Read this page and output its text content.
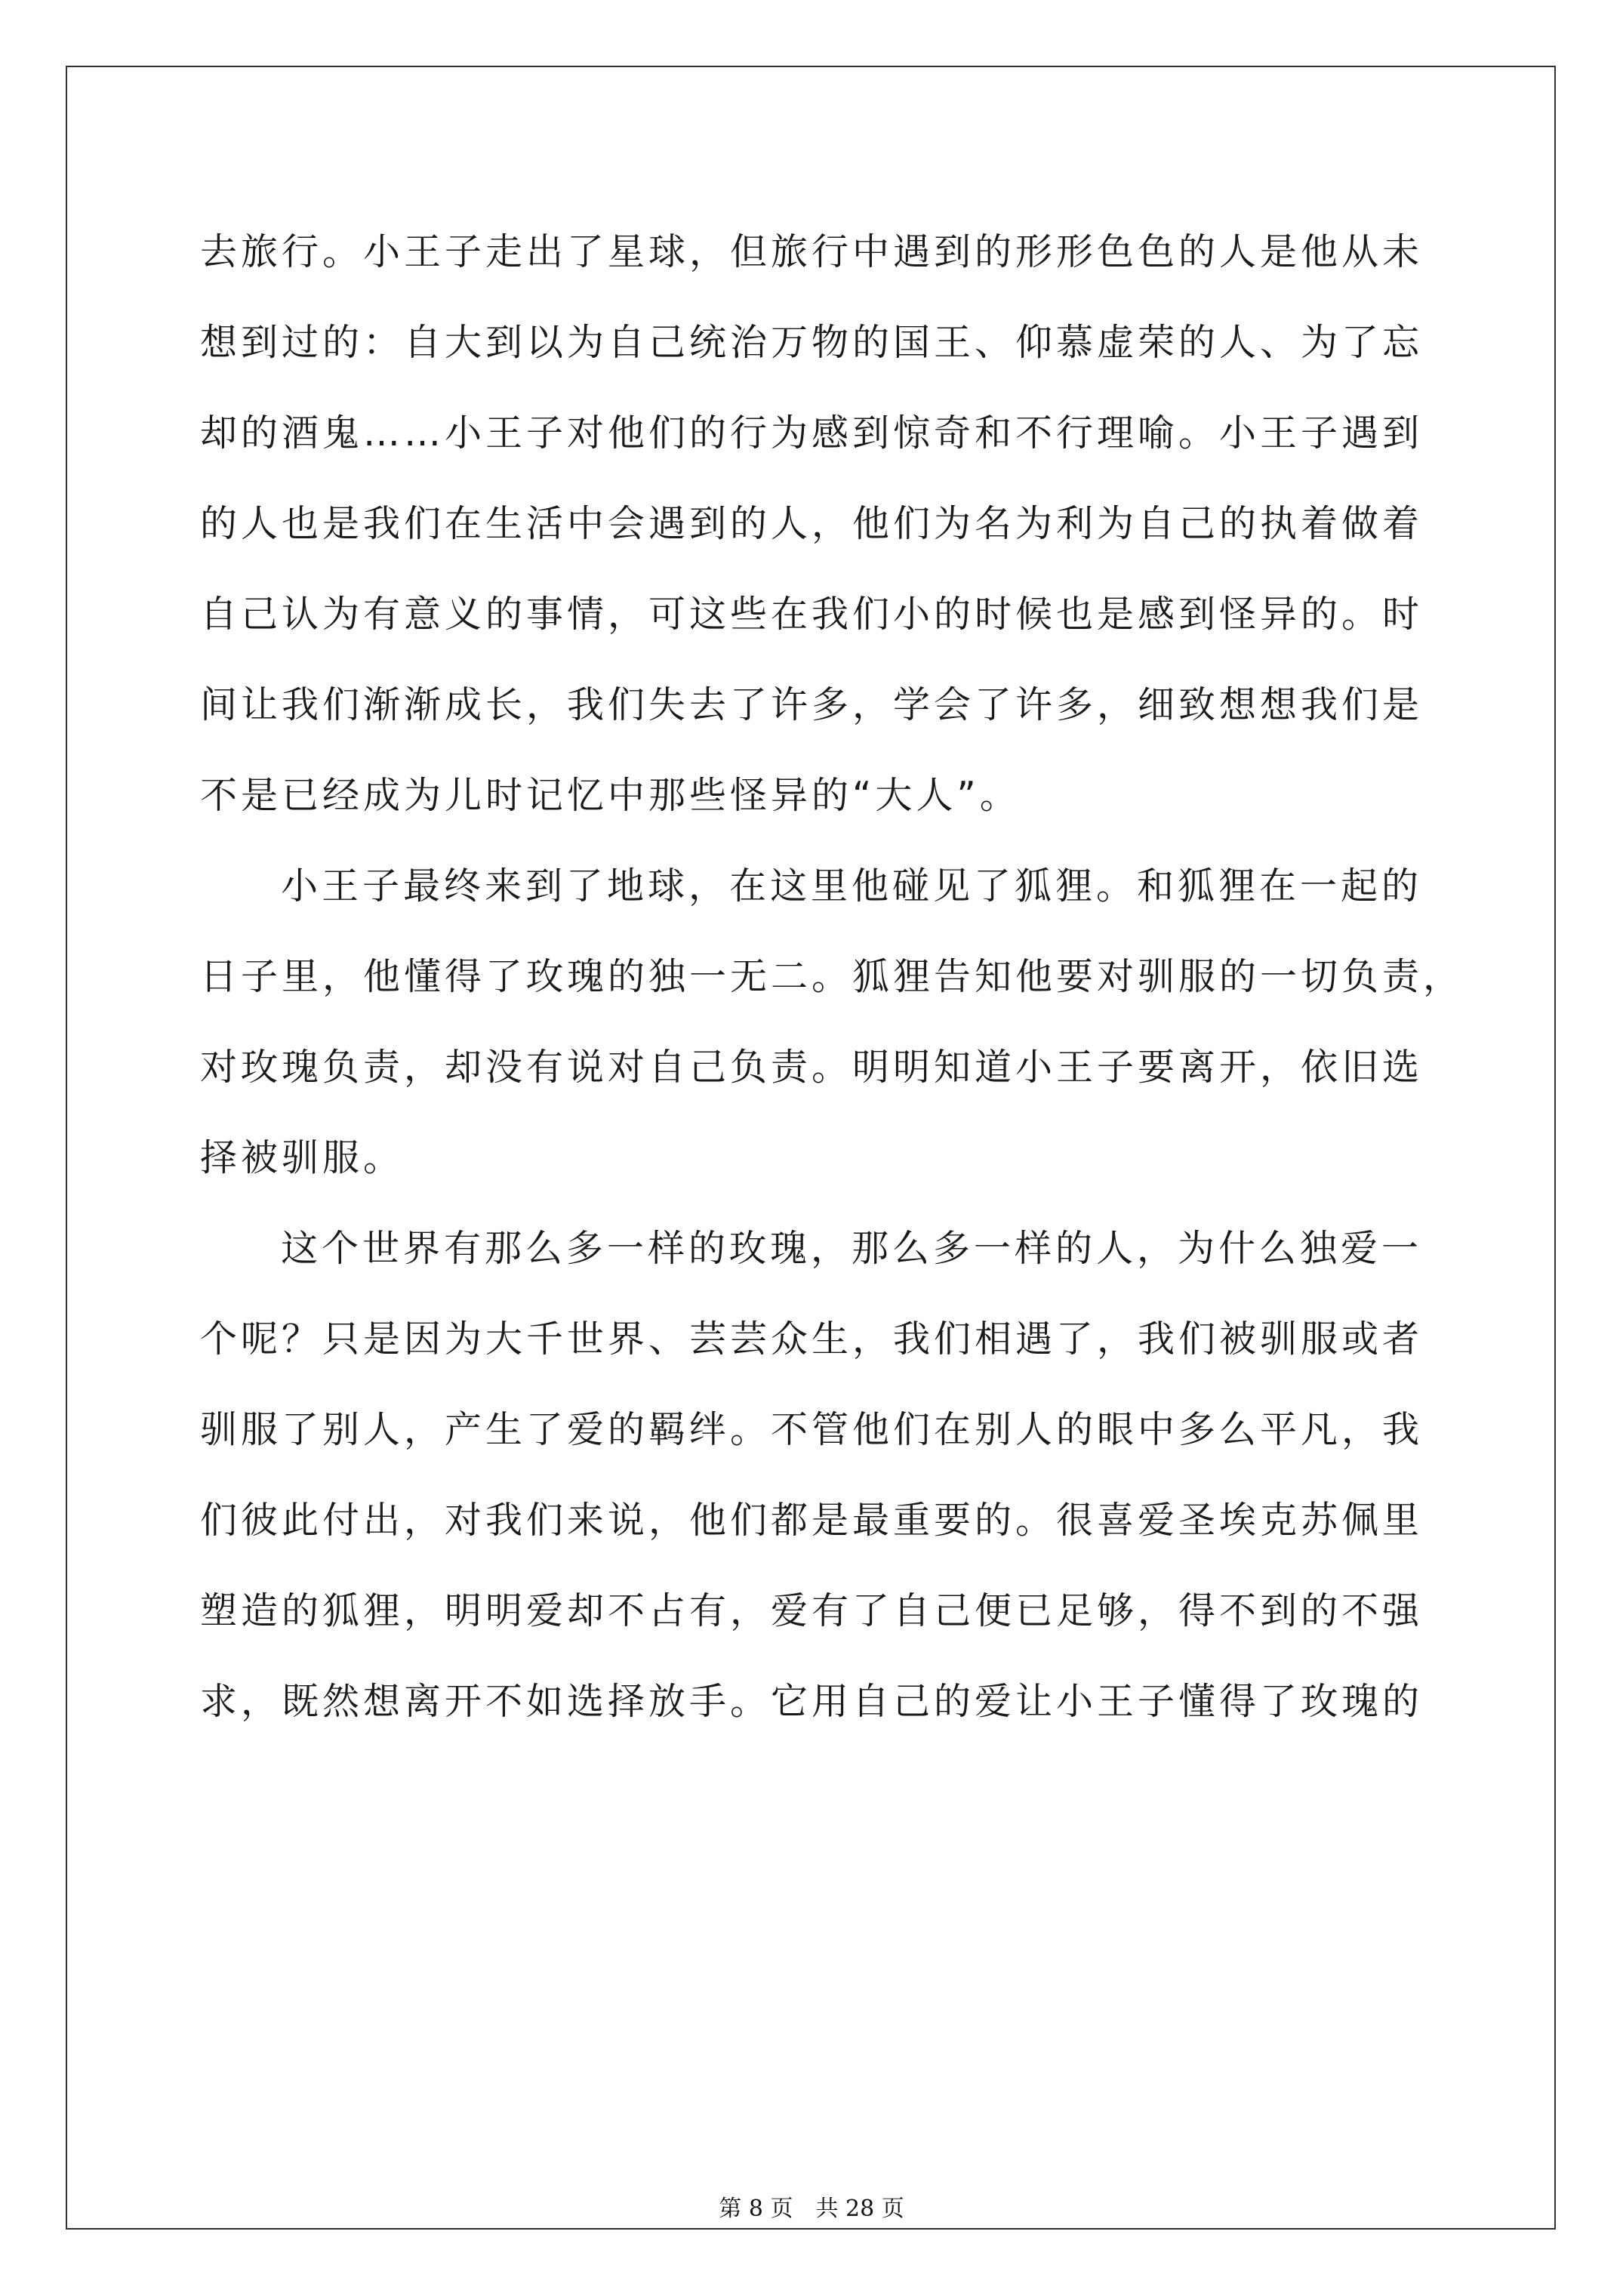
去旅行。小王子走出了星球，但旅行中遇到的形形色色的人是他从未
想到过的：自大到以为自己统治万物的国王、仰慕虚荣的人、为了忘
却的酒鬼……小王子对他们的行为感到惊奇和不行理喻。小王子遇到
的人也是我们在生活中会遇到的人，他们为名为利为自己的执着做着
自己认为有意义的事情，可这些在我们小的时候也是感到怪异的。时
间让我们渐渐成长，我们失去了许多，学会了许多，细致想想我们是
不是已经成为儿时记忆中那些怪异的“大人”。
小王子最终来到了地球，在这里他碰见了狐狸。和狐狸在一起的
日子里，他懂得了玫瑰的独一无二。狐狸告知他要对驯服的一切负责，
对玫瑰负责，却没有说对自己负责。明明知道小王子要离开，依旧选
择被驯服。
这个世界有那么多一样的玫瑰，那么多一样的人，为什么独爱一
个呢？只是因为大千世界、芸芸众生，我们相遇了，我们被驯服或者
驯服了别人，产生了爱的羁绊。不管他们在别人的眼中多么平凡，我
们彼此付出，对我们来说，他们都是最重要的。很喜爱圣埃克苏佩里
塑造的狐狸，明明爱却不占有，爱有了自己便已足够，得不到的不强
求，既然想离开不如选择放手。它用自己的爱让小王子懂得了玫瑰的
第 8 页 共 28 页
